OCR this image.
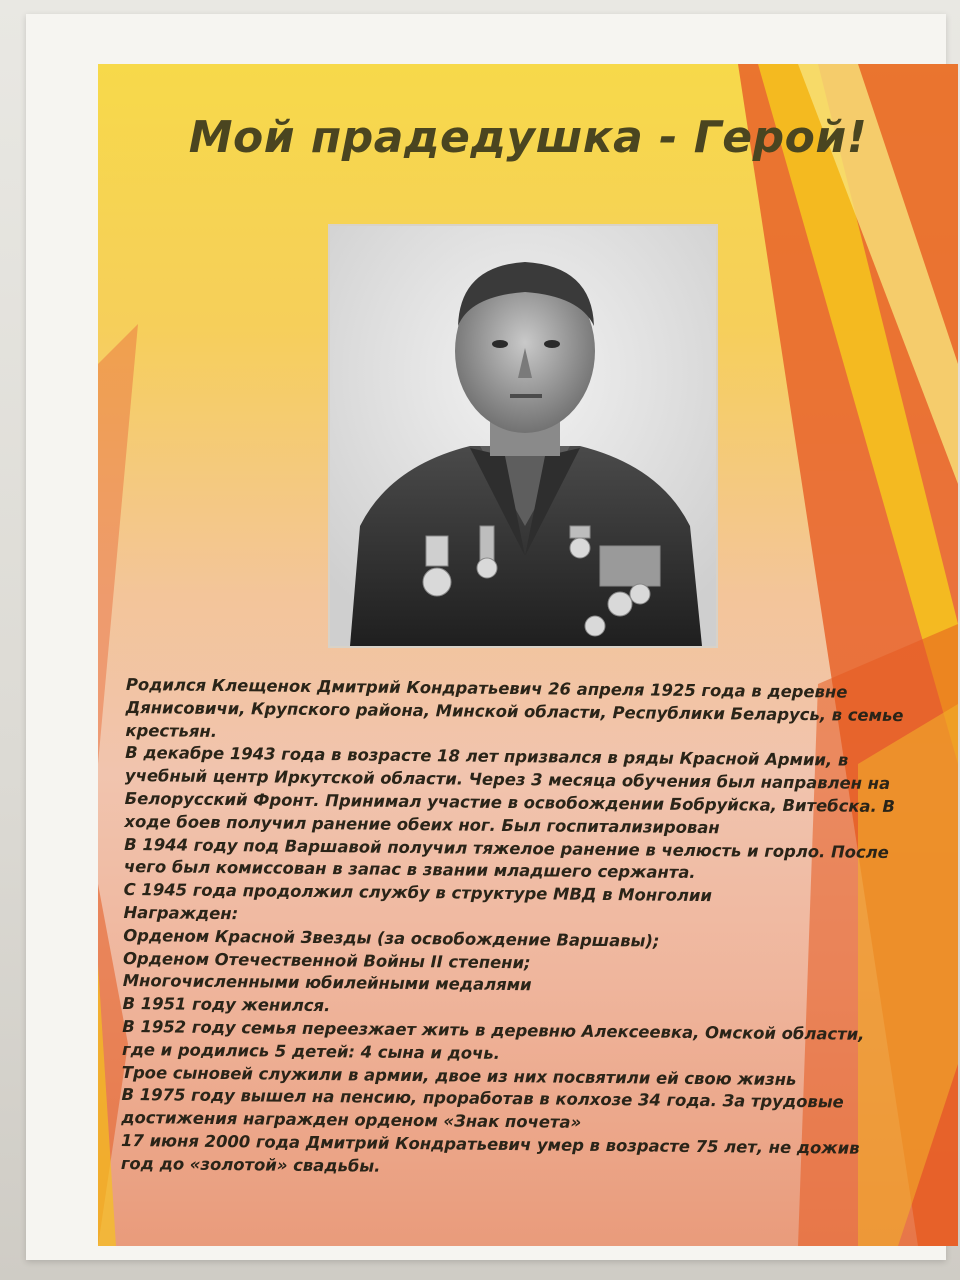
Мой прадедушка - Герой!

Родился Клещенок Дмитрий Кондратьевич 26 апреля 1925 года в деревне

Дянисовичи, Крупского района, Минской области, Республики Беларусь, в семье

крестьян.

В декабре 1943 года в возрасте 18 лет призвался в ряды Красной Армии, в

учебный центр Иркутской области. Через 3 месяца обучения был направлен на

Белорусский Фронт. Принимал участие в освобождении Бобруйска, Витебска. В

ходе боев получил ранение обеих ног. Был госпитализирован

В 1944 году под Варшавой получил тяжелое ранение в челюсть и горло. После

чего был комиссован в запас в звании младшего сержанта.

С 1945 года продолжил службу в структуре МВД в Монголии

Награжден:

Орденом Красной Звезды (за освобождение Варшавы);

Орденом Отечественной Войны II степени;

Многочисленными юбилейными медалями

В 1951 году женился.

В 1952 году семья переезжает жить в деревню Алексеевка, Омской области,

где и родились 5 детей: 4 сына и дочь.

Трое сыновей служили в армии, двое из них посвятили ей свою жизнь

В 1975 году вышел на пенсию, проработав в колхозе 34 года. За трудовые

достижения награжден орденом «Знак почета»

17 июня 2000 года Дмитрий Кондратьевич умер в возрасте 75 лет, не дожив

год до «золотой» свадьбы.
